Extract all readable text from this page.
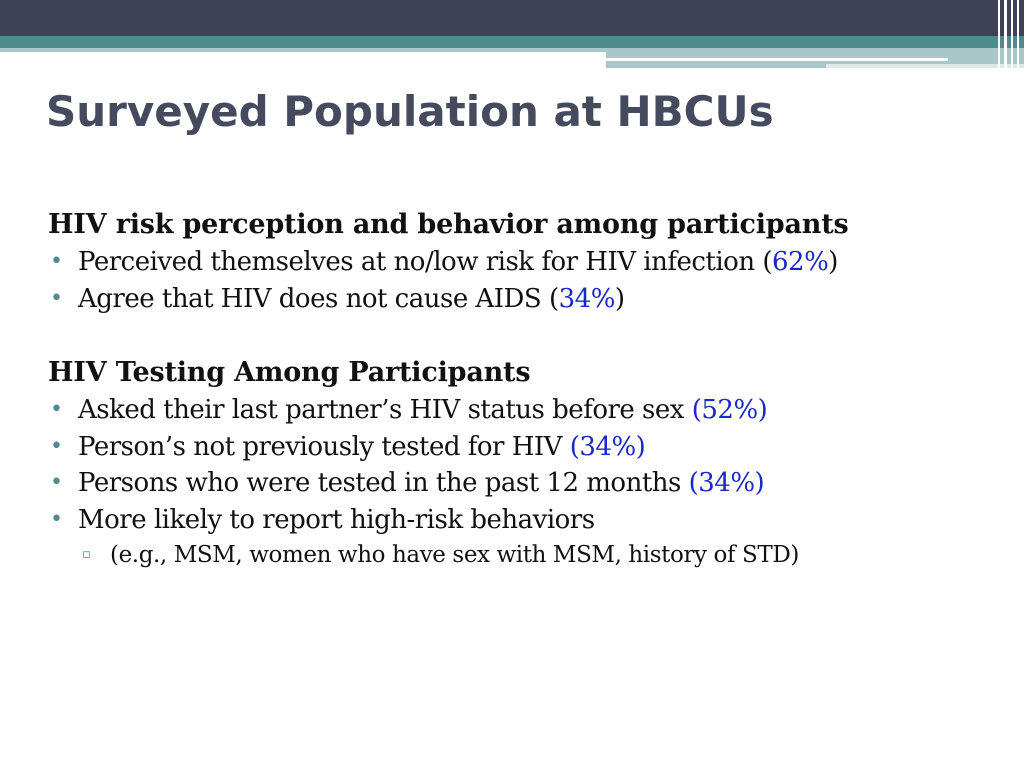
Surveyed Population at HBCUs
HIV risk perception and behavior among participants
• Perceived themselves at no/low risk for HIV infection (62%)
• Agree that HIV does not cause AIDS (34%)
HIV Testing Among Participants
• Asked their last partner’s HIV status before sex (52%)
• Person’s not previously tested for HIV (34%)
• Persons who were tested in the past 12 months (34%)
• More likely to report high-risk behaviors
▫ (e.g., MSM, women who have sex with MSM, history of STD)
